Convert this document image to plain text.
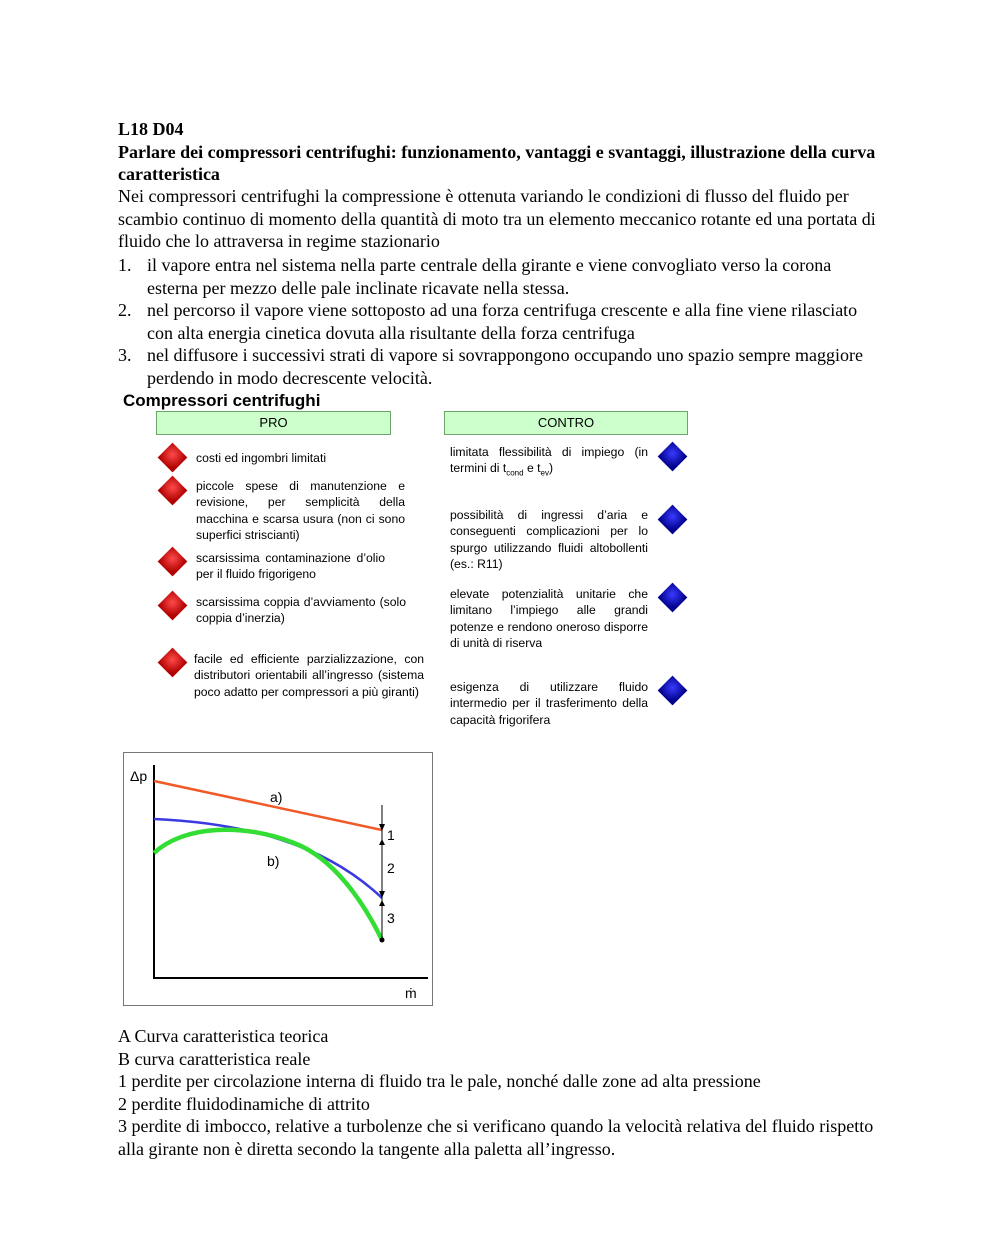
L18 D04
Parlare dei compressori centrifughi: funzionamento, vantaggi e svantaggi, illustrazione della curva caratteristica
Nei compressori centrifughi la compressione è ottenuta variando le condizioni di flusso del fluido per scambio continuo di momento della quantità di moto tra un elemento meccanico rotante ed una portata di fluido che lo attraversa in regime stazionario
1. il vapore entra nel sistema nella parte centrale della girante e viene convogliato verso la corona esterna per mezzo delle pale inclinate ricavate nella stessa.
2. nel percorso il vapore viene sottoposto ad una forza centrifuga crescente e alla fine viene rilasciato con alta energia cinetica dovuta alla risultante della forza centrifuga
3. nel diffusore i successivi strati di vapore si sovrappongono occupando uno spazio sempre maggiore perdendo in modo decrescente velocità.
Compressori centrifughi
PRO	CONTRO
costi ed ingombri limitati
piccole spese di manutenzione e revisione, per semplicità della macchina e scarsa usura (non ci sono superfici striscianti)
scarsissima contaminazione d’olio per il fluido frigorigeno
scarsissima coppia d’avviamento (solo coppia d’inerzia)
facile ed efficiente parzializzazione, con distributori orientabili all’ingresso (sistema poco adatto per compressori a più giranti)
limitata flessibilità di impiego (in termini di $t_{cond}$ e $t_{ev}$)
possibilità di ingressi d’aria e conseguenti complicazioni per lo spurgo utilizzando fluidi altobollenti (es.: R11)
elevate potenzialità unitarie che limitano l’impiego alle grandi potenze e rendono oneroso disporre di unità di riserva
esigenza di utilizzare fluido intermedio per il trasferimento della capacità frigorifera
Δp
ṁ
a)
b)
1
2
3
A Curva caratteristica teorica
B curva caratteristica reale
1 perdite per circolazione interna di fluido tra le pale, nonché dalle zone ad alta pressione
2 perdite fluidodinamiche di attrito
3 perdite di imbocco, relative a turbolenze che si verificano quando la velocità relativa del fluido rispetto alla girante non è diretta secondo la tangente alla paletta all’ingresso.
